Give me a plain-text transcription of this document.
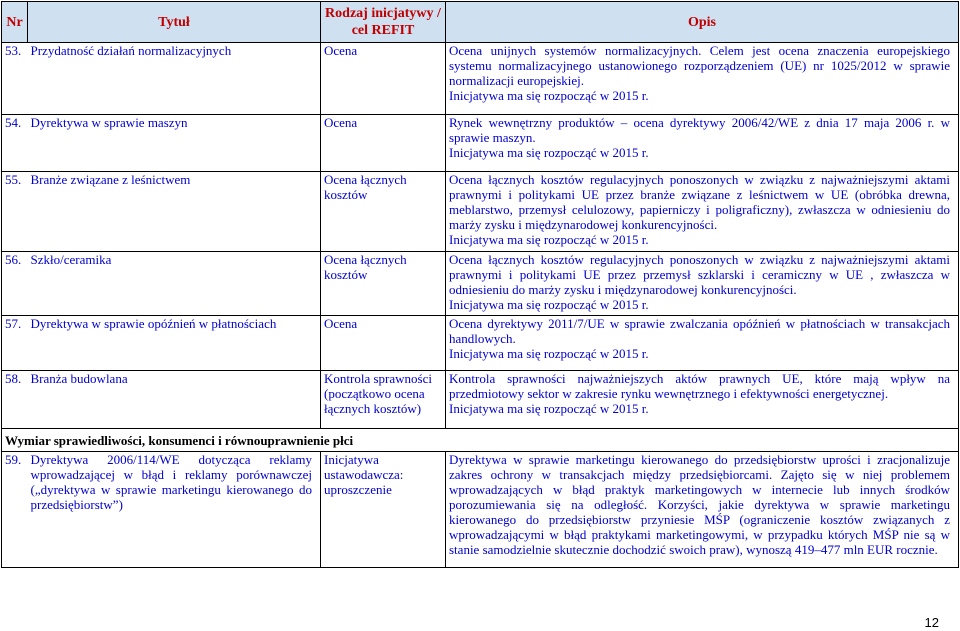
Nr	Tytuł	Rodzaj inicjatywy / cel REFIT	Opis
53.	Przydatność działań normalizacyjnych	Ocena	Ocena unijnych systemów normalizacyjnych. Celem jest ocena znaczenia europejskiego systemu normalizacyjnego ustanowionego rozporządzeniem (UE) nr 1025/2012 w sprawie normalizacji europejskiej.
Inicjatywa ma się rozpocząć w 2015 r.

54.	Dyrektywa w sprawie maszyn	Ocena	Rynek wewnętrzny produktów – ocena dyrektywy 2006/42/WE z dnia 17 maja 2006 r. w sprawie maszyn.
Inicjatywa ma się rozpocząć w 2015 r.

55.	Branże związane z leśnictwem	Ocena łącznych kosztów	Ocena łącznych kosztów regulacyjnych ponoszonych w związku z najważniejszymi aktami prawnymi i politykami UE przez branże związane z leśnictwem w UE (obróbka drewna, meblarstwo, przemysł celulozowy, papierniczy i poligraficzny), zwłaszcza w odniesieniu do marży zysku i międzynarodowej konkurencyjności.
Inicjatywa ma się rozpocząć w 2015 r.

56.	Szkło/ceramika	Ocena łącznych kosztów	Ocena łącznych kosztów regulacyjnych ponoszonych w związku z najważniejszymi aktami prawnymi i politykami UE przez przemysł szklarski i ceramiczny w UE , zwłaszcza w odniesieniu do marży zysku i międzynarodowej konkurencyjności.
Inicjatywa ma się rozpocząć w 2015 r.

57.	Dyrektywa w sprawie opóźnień w płatnościach	Ocena	Ocena dyrektywy 2011/7/UE w sprawie zwalczania opóźnień w płatnościach w transakcjach handlowych.
Inicjatywa ma się rozpocząć w 2015 r.

58.	Branża budowlana	Kontrola sprawności (początkowo ocena łącznych kosztów)	Kontrola sprawności najważniejszych aktów prawnych UE, które mają wpływ na przedmiotowy sektor w zakresie rynku wewnętrznego i efektywności energetycznej.
Inicjatywa ma się rozpocząć w 2015 r.

Wymiar sprawiedliwości, konsumenci i równouprawnienie płci			
59.	Dyrektywa 2006/114/WE dotycząca reklamy wprowadzającej w błąd i reklamy porównawczej („dyrektywa w sprawie marketingu kierowanego do przedsiębiorstw”)	Inicjatywa ustawodawcza: uproszczenie	Dyrektywa w sprawie marketingu kierowanego do przedsiębiorstw uprości i zracjonalizuje zakres ochrony w transakcjach między przedsiębiorcami. Zajęto się w niej problemem wprowadzających w błąd praktyk marketingowych w internecie lub innych środków porozumiewania się na odległość. Korzyści, jakie dyrektywa w sprawie marketingu kierowanego do przedsiębiorstw przyniesie MŚP (ograniczenie kosztów związanych z wprowadzającymi w błąd praktykami marketingowymi, w przypadku których MŚP nie są w stanie samodzielnie skutecznie dochodzić swoich praw), wynoszą 419–477 mln EUR rocznie.
12
